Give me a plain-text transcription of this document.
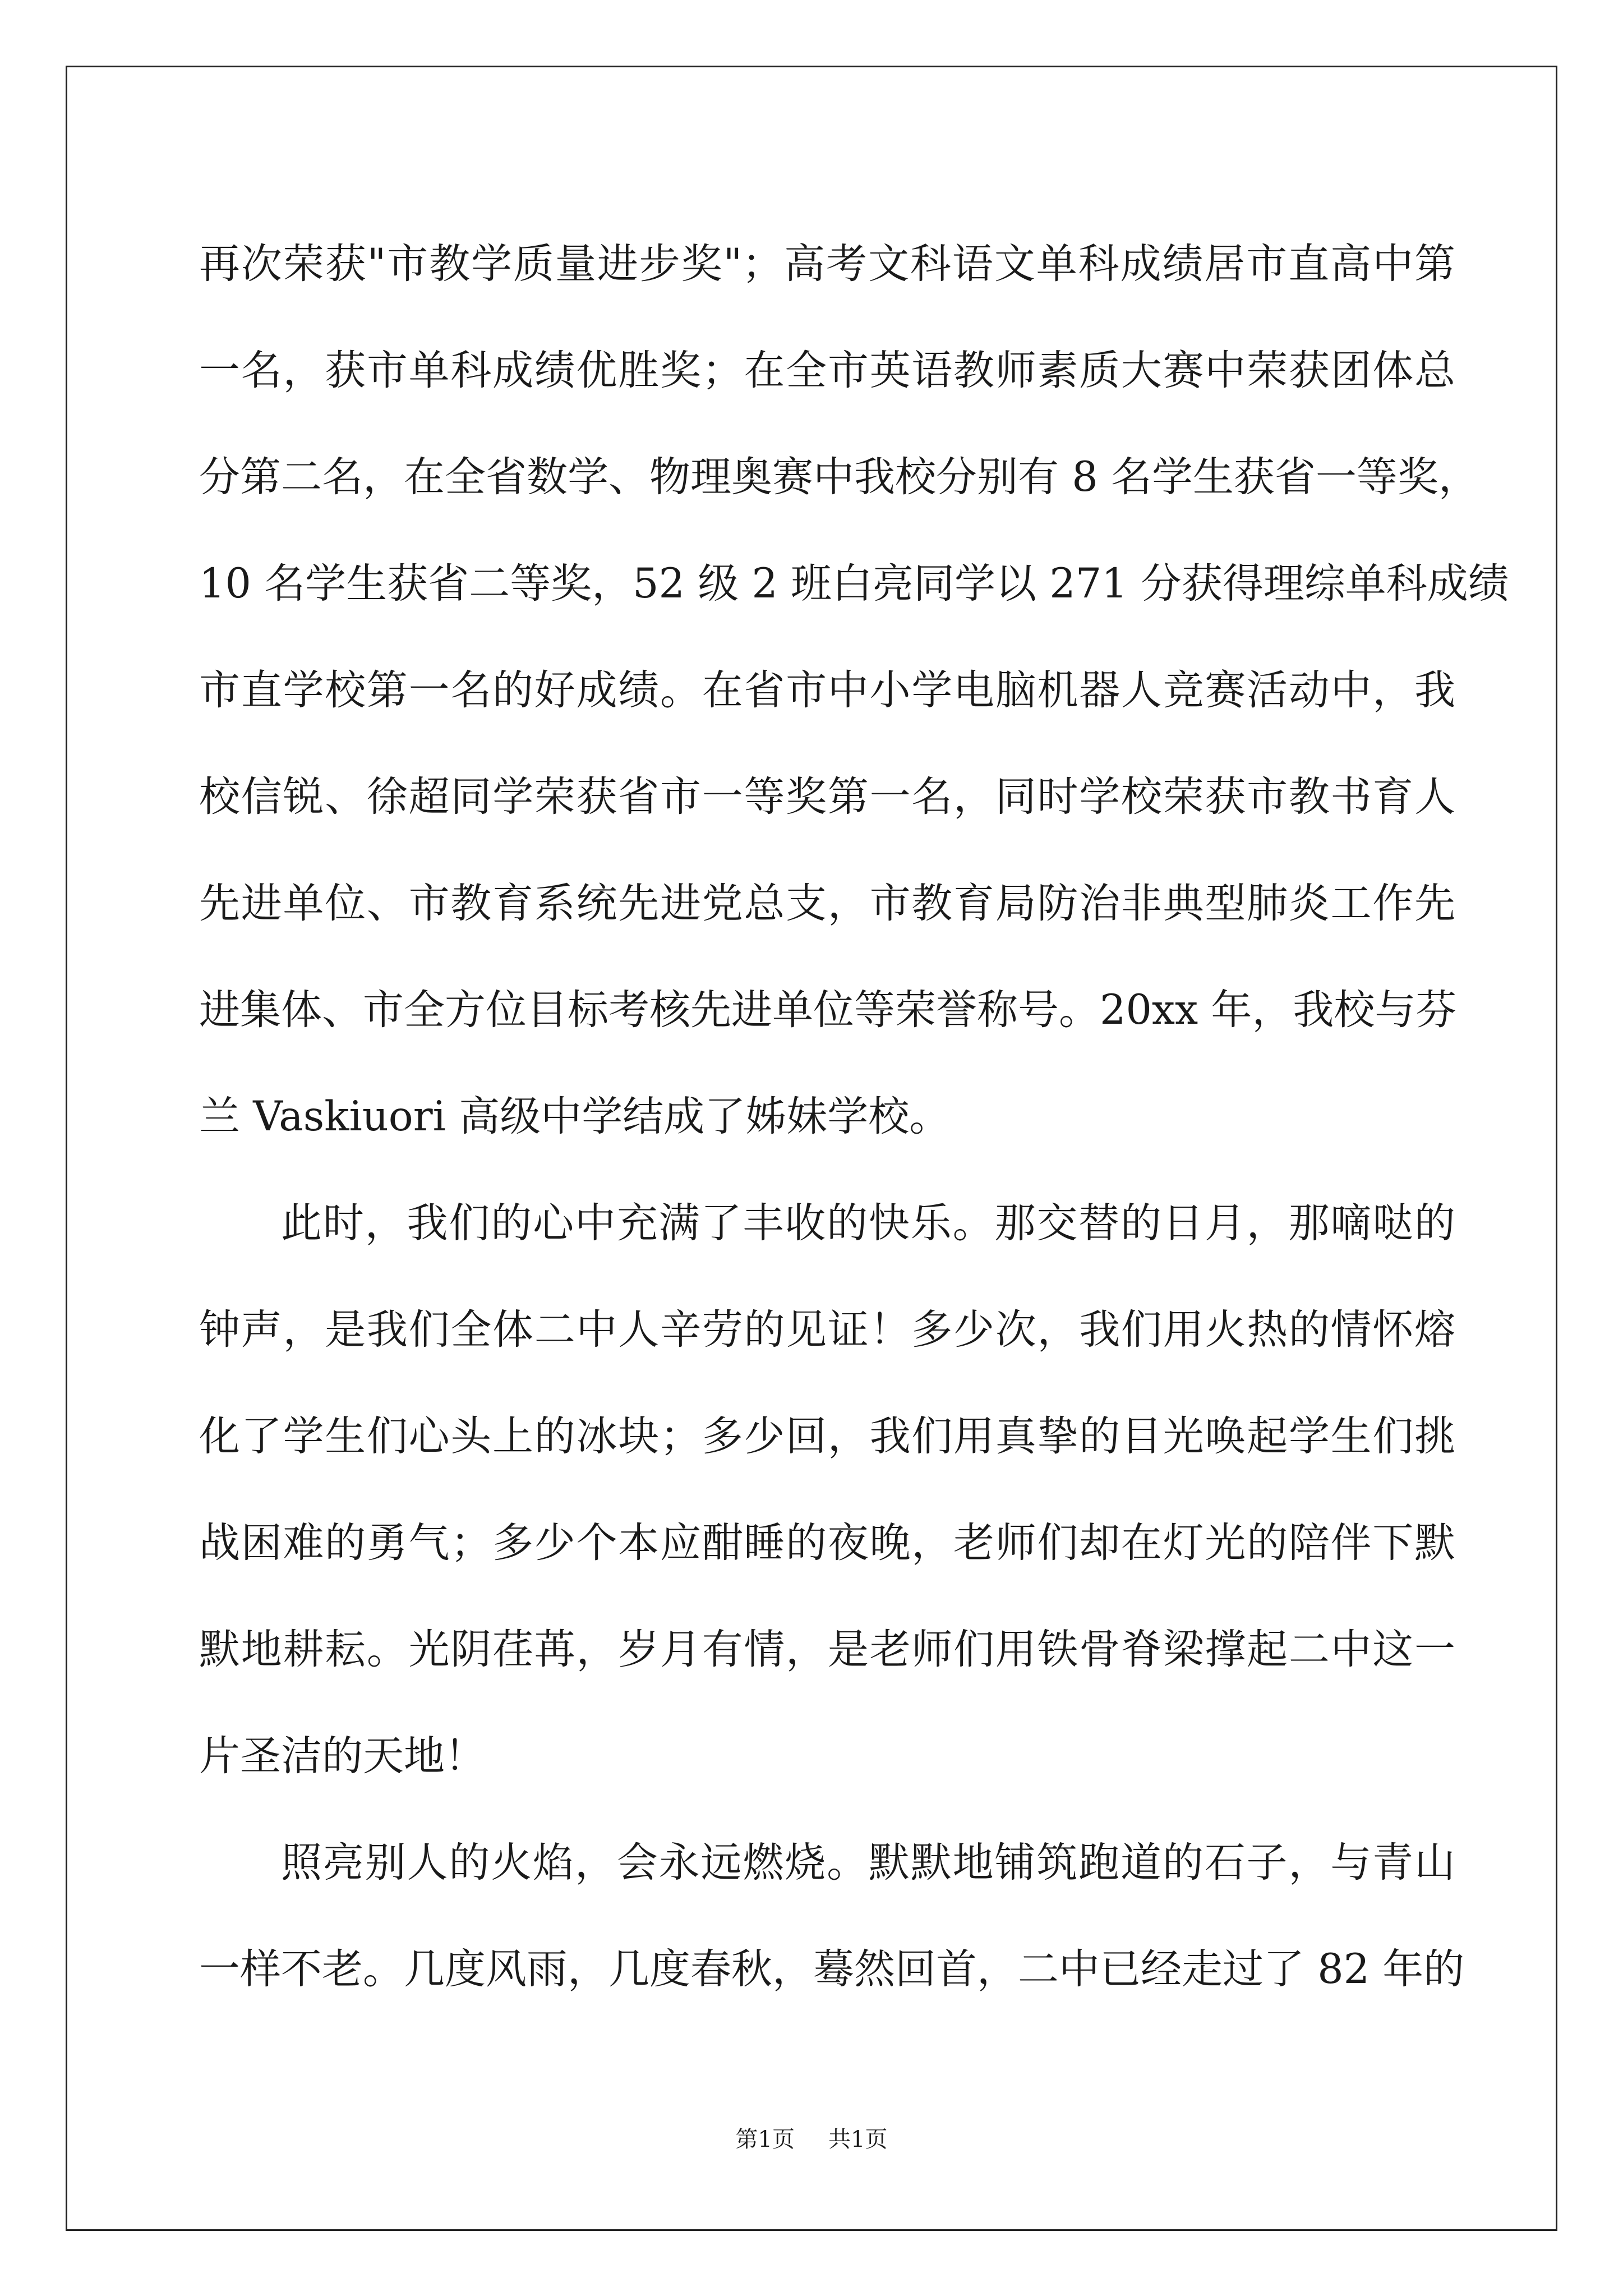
再次荣获"市教学质量进步奖"；高考文科语文单科成绩居市直高中第
一名，获市单科成绩优胜奖；在全市英语教师素质大赛中荣获团体总
分第二名，在全省数学、物理奥赛中我校分别有 8 名学生获省一等奖，
10 名学生获省二等奖，52 级 2 班白亮同学以 271 分获得理综单科成绩
市直学校第一名的好成绩。在省市中小学电脑机器人竞赛活动中，我
校信锐、徐超同学荣获省市一等奖第一名，同时学校荣获市教书育人
先进单位、市教育系统先进党总支，市教育局防治非典型肺炎工作先
进集体、市全方位目标考核先进单位等荣誉称号。20xx 年，我校与芬
兰 Vaskiuori 高级中学结成了姊妹学校。
此时，我们的心中充满了丰收的快乐。那交替的日月，那嘀哒的
钟声，是我们全体二中人辛劳的见证！多少次，我们用火热的情怀熔
化了学生们心头上的冰块；多少回，我们用真挚的目光唤起学生们挑
战困难的勇气；多少个本应酣睡的夜晚，老师们却在灯光的陪伴下默
默地耕耘。光阴荏苒，岁月有情，是老师们用铁骨脊梁撑起二中这一
片圣洁的天地！
照亮别人的火焰，会永远燃烧。默默地铺筑跑道的石子，与青山
一样不老。几度风雨，几度春秋，蓦然回首，二中已经走过了 82 年的
第1页 共1页
